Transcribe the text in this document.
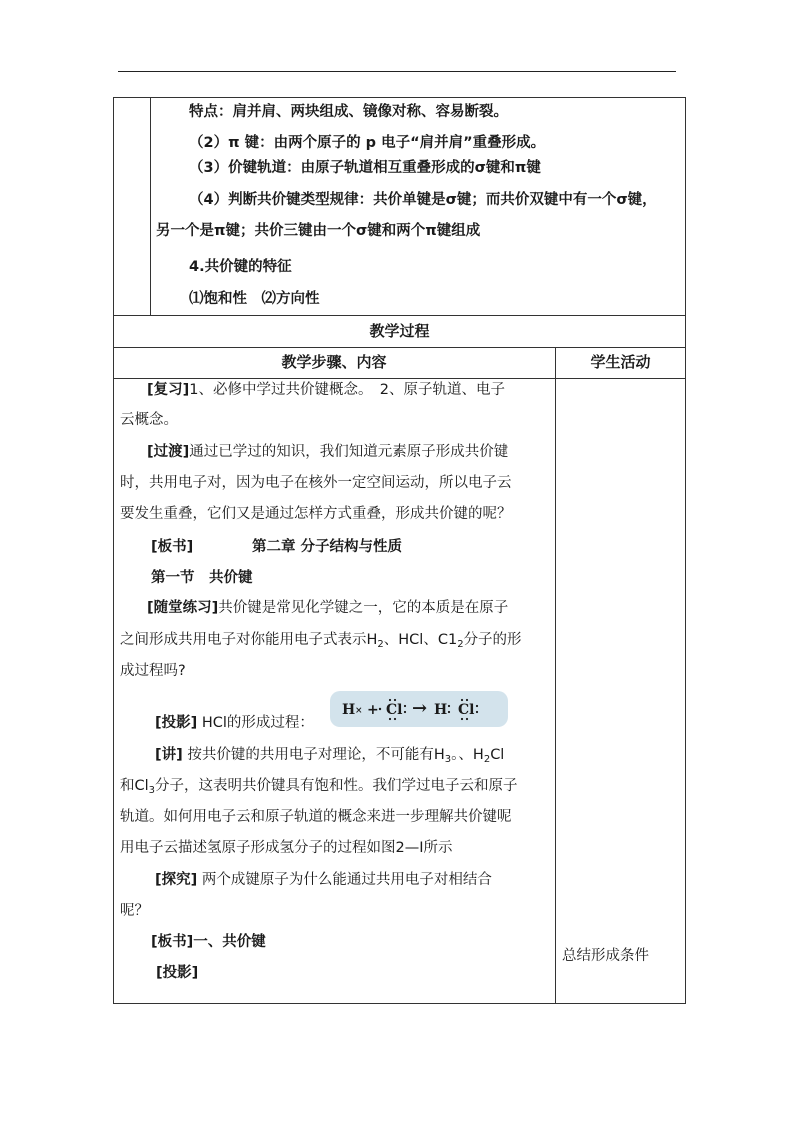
特点：肩并肩、两块组成、镜像对称、容易断裂。
（2）π 键：由两个原子的 p 电子“肩并肩”重叠形成。
（3）价键轨道：由原子轨道相互重叠形成的σ键和π键
（4）判断共价键类型规律：共价单键是σ键；而共价双键中有一个σ键，
另一个是π键；共价三键由一个σ键和两个π键组成
4.共价键的特征
⑴饱和性　⑵方向性
教学过程
教学步骤、内容	学生活动
[复习]1、必修中学过共价键概念。　2、原子轨道、电子
云概念。
[过渡]通过已学过的知识，我们知道元素原子形成共价键
时，共用电子对，因为电子在核外一定空间运动，所以电子云
要发生重叠，它们又是通过怎样方式重叠，形成共价键的呢？
[板书]	第二章 分子结构与性质
第一节　共价键
[随堂练习]共价键是常见化学键之一，它的本质是在原子
之间形成共用电子对你能用电子式表示$H_2$、HCl、$C1_2$分子的形
成过程吗?
[投影] HCl的形成过程：
H × + Cl → H Cl
[讲] 按共价键的共用电子对理论，不可能有$H_3$。、$H_2Cl$
和$Cl_3$分子，这表明共价键具有饱和性。我们学过电子云和原子
轨道。如何用电子云和原子轨道的概念来进一步理解共价键呢
用电子云描述氢原子形成氢分子的过程如图2—I所示
[探究] 两个成键原子为什么能通过共用电子对相结合
呢？
[板书]一、共价键
[投影]
总结形成条件
